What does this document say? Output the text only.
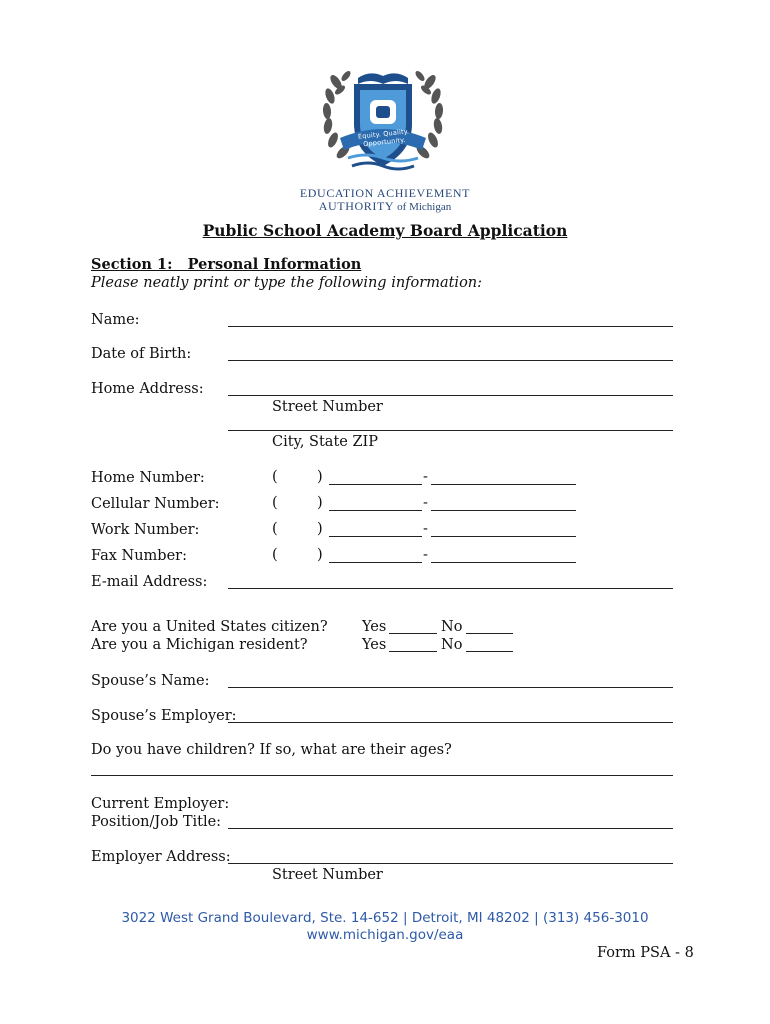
Equity. Quality. Opportunity.
EDUCATION ACHIEVEMENT
AUTHORITY of Michigan
Public School Academy Board Application
Section 1: Personal Information
Please neatly print or type the following information:
Name:
Date of Birth:
Home Address:
Street Number
City, State ZIP
Home Number:	(	)	-
Cellular Number:	(	)	-
Work Number:	(	)	-
Fax Number:	(	)	-
E-mail Address:
Are you a United States citizen? Yes	No
Are you a Michigan resident?	Yes	No
Spouse’s Name:
Spouse’s Employer:
Do you have children? If so, what are their ages?
Current Employer:
Position/Job Title:
Employer Address:
Street Number
3022 West Grand Boulevard, Ste. 14-652 | Detroit, MI 48202 | (313) 456-3010
www.michigan.gov/eaa
Form PSA - 8
